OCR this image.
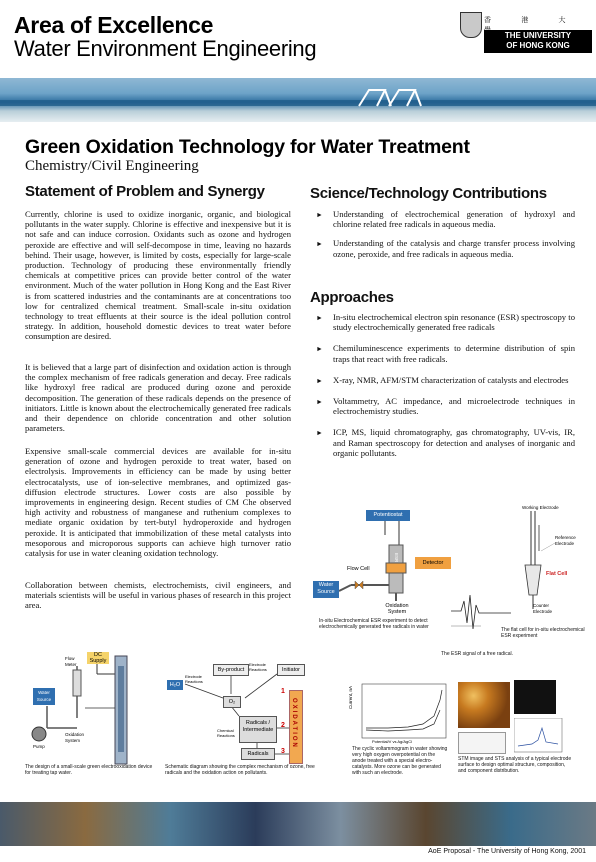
Area of Excellence
Water Environment Engineering
香 港 大
THE UNIVERSITY
OF HONG KONG
Green Oxidation Technology for Water Treatment
Chemistry/Civil Engineering
Statement of Problem and Synergy
Currently, chlorine is used to oxidize inorganic, organic, and biological pollutants in the water supply. Chlorine is effective and inexpensive but it is not safe and can induce corrosion. Oxidants such as ozone and hydrogen peroxide are effective and will self-decompose in time, leaving no hazards behind. Their usage, however, is limited by costs, especially for large-scale production. Technology of producing these environmentally friendly chemicals at competitive prices can provide better control of the water environment. Much of the water pollution in Hong Kong and the East River is from scattered industries and the contaminants are at concentrations too low for centralized chemical treatment. Small-scale in-situ oxidation technology to treat effluents at their source is the ideal pollution control strategy. In addition, household domestic devices to treat water before consumption are desired.
It is believed that a large part of disinfection and oxidation action is through the complex mechanism of free radicals generation and decay. Free radicals like hydroxyl free radical are produced during ozone and peroxide decomposition. The generation of these radicals depends on the presence of initiators. Little is known about the electrochemically generated free radicals and their dependence on chloride concentration and other solution parameters.
Expensive small-scale commercial devices are available for in-situ generation of ozone and hydrogen peroxide to treat water, based on electrolysis. Improvements in efficiency can be made by using better electrocatalysts, use of ion-selective membranes, and optimized gas-diffusion electrode structures. Lower costs are also possible by improvements in engineering design. Recent studies of CM Che observed high activity and robustness of manganese and ruthenium complexes to mediate organic oxidation by tert-butyl hydroperoxide and hydrogen peroxide. It is anticipated that immobilization of these metal catalysts into mesoporous and microporous supports can achieve high turnover ratio catalysis for use in water cleaning oxidation technology.
Collaboration between chemists, electrochemists, civil engineers, and materials scientists will be useful in various phases of research in this project area.
Science/Technology Contributions
► Understanding of electrochemical generation of hydroxyl and chlorine related free radicals in aqueous media.
► Understanding of the catalysis and charge transfer process involving ozone, peroxide, and free radicals in aqueous media.
Approaches
► In-situ electrochemical electron spin resonance (ESR) spectroscopy to study electrochemically generated free radicals
► Chemiluminescence experiments to determine distribution of spin traps that react with free radicals.
► X-ray, NMR, AFM/STM characterization of catalysts and electrodes
► Voltammetry, AC impedance, and microelectrode techniques in electrochemistry studies.
► ICP, MS, liquid chromatography, gas chromatography, UV-vis, IR, and Raman spectroscopy for detection and analyses of inorganic and organic pollutants.
Potentiostat
Detector
ESR
Flow Cell
Water Source
Oxidation System
In-situ Electrochemical ESR experiment to detect electrochemically generated free radicals in water
Working Electrode
Reference Electrode
Flat Cell
Counter Electrode
The flat cell for in-situ electrochemical ESR experiment
The ESR signal of a free radical.
DC Supply
Flow Meter
Water Source
Oxidation System
Pump
The design of a small-scale green electrooxidation device for treating tap water.
H₂O
Electrode Reactions
By-product
Electrode Reactions	Initiator
O₂
Radicals / Intermediate
Chemical Reactions
Radicals
OXIDATION
1
2
3
Schematic diagram showing the complex mechanism of ozone, free radicals and the oxidation action on pollutants.
Current, nA
Potential/V vs Ag/AgCl
The cyclic voltammogram in water showing very high oxygen overpotential on the anode treated with a special electro-catalysts. More ozone can be generated with such an electrode.
STM image and STS analysis of a typical electrode surface to design optimal structure, composition, and component distribution.
AoE Proposal - The University of Hong Kong, 2001
